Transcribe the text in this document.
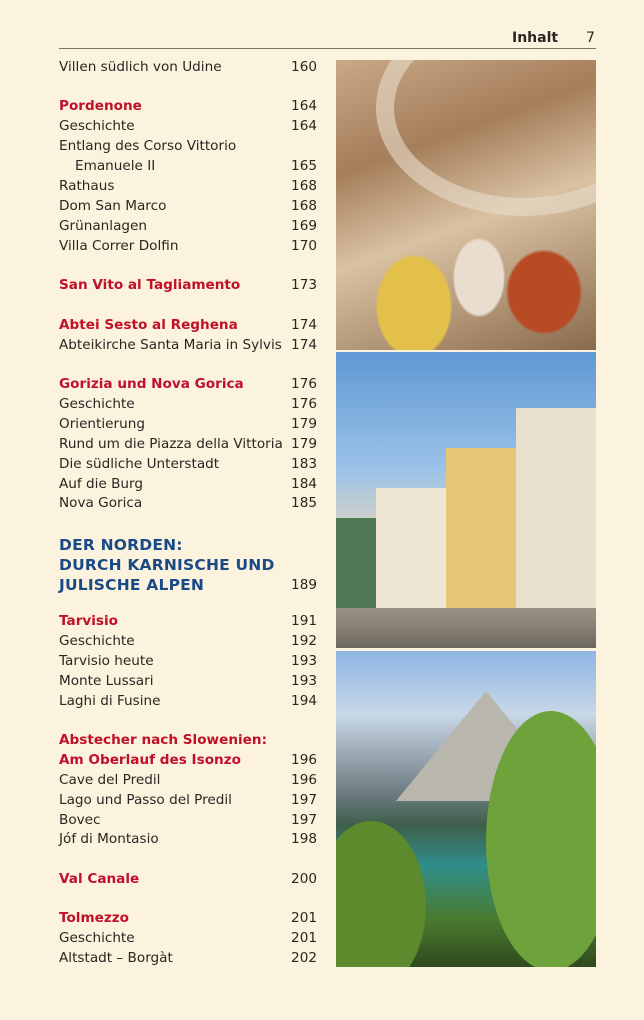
Inhalt 7
Villen südlich von Udine	160
Pordenone	164
Geschichte	164
Entlang des Corso Vittorio
Emanuele II	165
Rathaus	168
Dom San Marco	168
Grünanlagen	169
Villa Correr Dolfin	170
San Vito al Tagliamento	173
Abtei Sesto al Reghena	174
Abteikirche Santa Maria in Sylvis 174
Gorizia und Nova Gorica	176
Geschichte	176
Orientierung	179
Rund um die Piazza della Vittoria 179
Die südliche Unterstadt	183
Auf die Burg	184
Nova Gorica	185
DER NORDEN:
DURCH KARNISCHE UND
JULISCHE ALPEN	189
Tarvisio	191
Geschichte	192
Tarvisio heute	193
Monte Lussari	193
Laghi di Fusine	194
Abstecher nach Slowenien:
Am Oberlauf des Isonzo	196
Cave del Predil	196
Lago und Passo del Predil	197
Bovec	197
Jóf di Montasio	198
Val Canale	200
Tolmezzo	201
Geschichte	201
Altstadt – Borgàt	202
